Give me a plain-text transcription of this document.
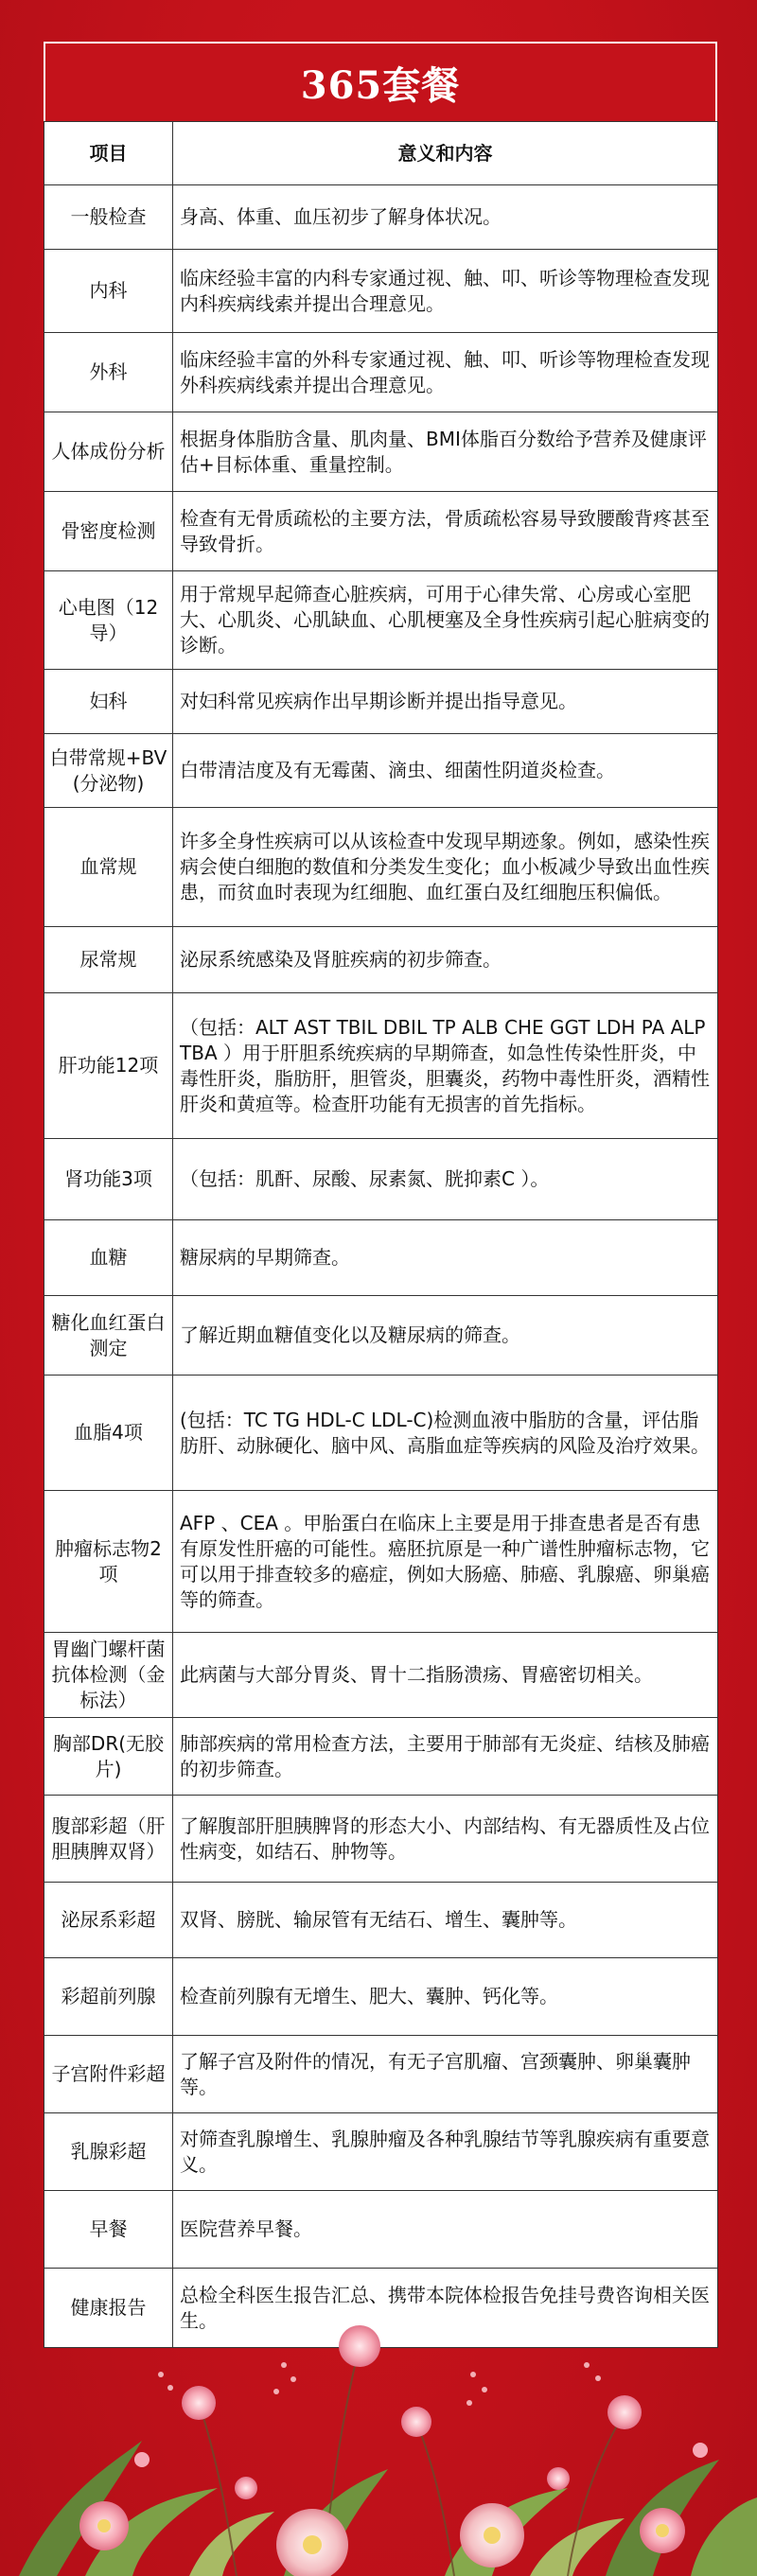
365套餐
项目	意义和内容
一般检查	身高、体重、血压初步了解身体状况。
内科	临床经验丰富的内科专家通过视、触、叩、听诊等物理检查发现内科疾病线索并提出合理意见。
外科	临床经验丰富的外科专家通过视、触、叩、听诊等物理检查发现外科疾病线索并提出合理意见。
人体成份分析	根据身体脂肪含量、肌肉量、BMI体脂百分数给予营养及健康评估+目标体重、重量控制。
骨密度检测	检查有无骨质疏松的主要方法，骨质疏松容易导致腰酸背疼甚至导致骨折。
心电图（12导）	用于常规早起筛查心脏疾病，可用于心律失常、心房或心室肥大、心肌炎、心肌缺血、心肌梗塞及全身性疾病引起心脏病变的诊断。
妇科	对妇科常见疾病作出早期诊断并提出指导意见。
白带常规+BV(分泌物)	白带清洁度及有无霉菌、滴虫、细菌性阴道炎检查。
血常规	许多全身性疾病可以从该检查中发现早期迹象。例如，感染性疾病会使白细胞的数值和分类发生变化；血小板减少导致出血性疾患，而贫血时表现为红细胞、血红蛋白及红细胞压积偏低。
尿常规	泌尿系统感染及肾脏疾病的初步筛查。
肝功能12项	（包括：ALT AST TBIL DBIL TP ALB CHE GGT LDH PA ALP TBA ）用于肝胆系统疾病的早期筛查，如急性传染性肝炎，中毒性肝炎，脂肪肝，胆管炎，胆囊炎，药物中毒性肝炎，酒精性肝炎和黄疸等。检查肝功能有无损害的首先指标。
肾功能3项	（包括：肌酐、尿酸、尿素氮、胱抑素C ）。
血糖	糖尿病的早期筛查。
糖化血红蛋白测定	了解近期血糖值变化以及糖尿病的筛查。
血脂4项	(包括：TC TG HDL-C LDL-C)检测血液中脂肪的含量，评估脂肪肝、动脉硬化、脑中风、高脂血症等疾病的风险及治疗效果。
肿瘤标志物2项	AFP 、CEA 。甲胎蛋白在临床上主要是用于排查患者是否有患有原发性肝癌的可能性。癌胚抗原是一种广谱性肿瘤标志物，它可以用于排查较多的癌症，例如大肠癌、肺癌、乳腺癌、卵巢癌等的筛查。
胃幽门螺杆菌抗体检测（金标法）	此病菌与大部分胃炎、胃十二指肠溃疡、胃癌密切相关。
胸部DR(无胶片)	肺部疾病的常用检查方法，主要用于肺部有无炎症、结核及肺癌的初步筛查。
腹部彩超（肝胆胰脾双肾）	了解腹部肝胆胰脾肾的形态大小、内部结构、有无器质性及占位性病变，如结石、肿物等。
泌尿系彩超	双肾、膀胱、输尿管有无结石、增生、囊肿等。
彩超前列腺	检查前列腺有无增生、肥大、囊肿、钙化等。
子宫附件彩超	了解子宫及附件的情况，有无子宫肌瘤、宫颈囊肿、卵巢囊肿等。
乳腺彩超	对筛查乳腺增生、乳腺肿瘤及各种乳腺结节等乳腺疾病有重要意义。
早餐	医院营养早餐。
健康报告	总检全科医生报告汇总、携带本院体检报告免挂号费咨询相关医生。
